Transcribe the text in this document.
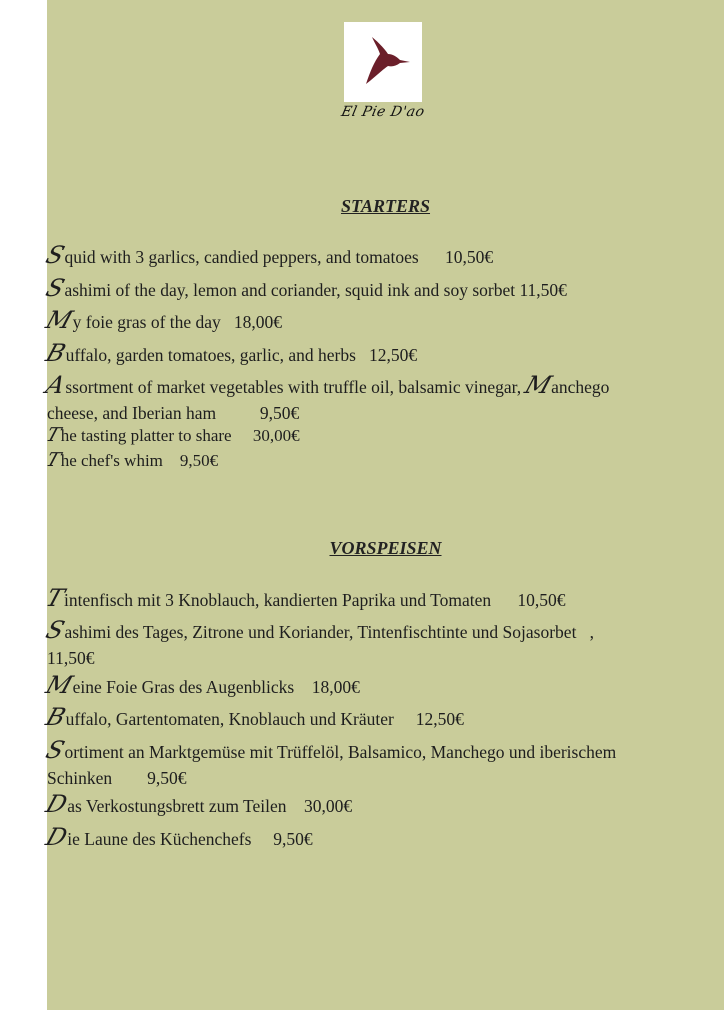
El Pie D'ao
STARTERS
Squid with 3 garlics, candied peppers, and tomatoes      10,50€
Sashimi of the day, lemon and coriander, squid ink and soy sorbet 11,50€
My foie gras of the day   18,00€
Buffalo, garden tomatoes, garlic, and herbs   12,50€
Assortment of market vegetables with truffle oil, balsamic vinegar, Manchego
cheese, and Iberian ham          9,50€
The tasting platter to share     30,00€
The chef's whim    9,50€
VORSPEISEN
Tintenfisch mit 3 Knoblauch, kandierten Paprika und Tomaten      10,50€
Sashimi des Tages, Zitrone und Koriander, Tintenfischtinte und Sojasorbet   ,
11,50€
Meine Foie Gras des Augenblicks    18,00€
Buffalo, Gartentomaten, Knoblauch und Kräuter     12,50€
Sortiment an Marktgemüse mit Trüffelöl, Balsamico, Manchego und iberischem
Schinken        9,50€
Das Verkostungsbrett zum Teilen    30,00€
Die Laune des Küchenchefs     9,50€
